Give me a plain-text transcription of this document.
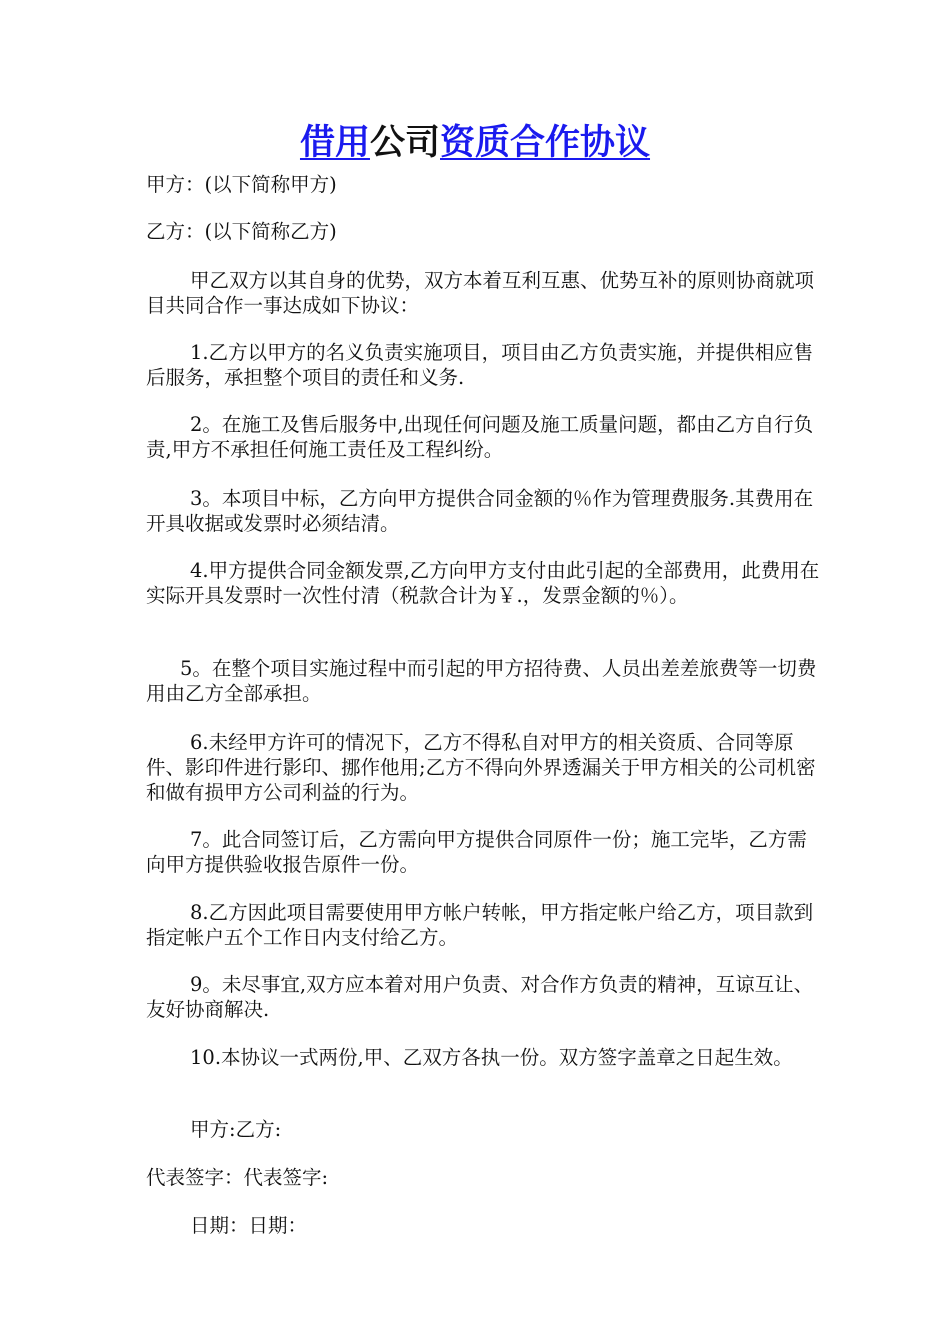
借用公司资质合作协议

甲方：(以下简称甲方)

乙方：(以下简称乙方)

甲乙双方以其自身的优势，双方本着互利互惠、优势互补的原则协商就项目共同合作一事达成如下协议：

1.乙方以甲方的名义负责实施项目，项目由乙方负责实施，并提供相应售后服务，承担整个项目的责任和义务.

2。在施工及售后服务中,出现任何问题及施工质量问题，都由乙方自行负责,甲方不承担任何施工责任及工程纠纷。

3。本项目中标，乙方向甲方提供合同金额的％作为管理费服务.其费用在开具收据或发票时必须结清。

4.甲方提供合同金额发票,乙方向甲方支付由此引起的全部费用，此费用在实际开具发票时一次性付清（税款合计为￥.，发票金额的％）。

5。在整个项目实施过程中而引起的甲方招待费、人员出差差旅费等一切费用由乙方全部承担。

6.未经甲方许可的情况下，乙方不得私自对甲方的相关资质、合同等原件、影印件进行影印、挪作他用;乙方不得向外界透漏关于甲方相关的公司机密和做有损甲方公司利益的行为。

7。此合同签订后，乙方需向甲方提供合同原件一份；施工完毕，乙方需向甲方提供验收报告原件一份。

8.乙方因此项目需要使用甲方帐户转帐，甲方指定帐户给乙方，项目款到指定帐户五个工作日内支付给乙方。

9。未尽事宜,双方应本着对用户负责、对合作方负责的精神，互谅互让、友好协商解决.

10.本协议一式两份,甲、乙双方各执一份。双方签字盖章之日起生效。

甲方:乙方:

代表签字：代表签字:

日期：日期：
